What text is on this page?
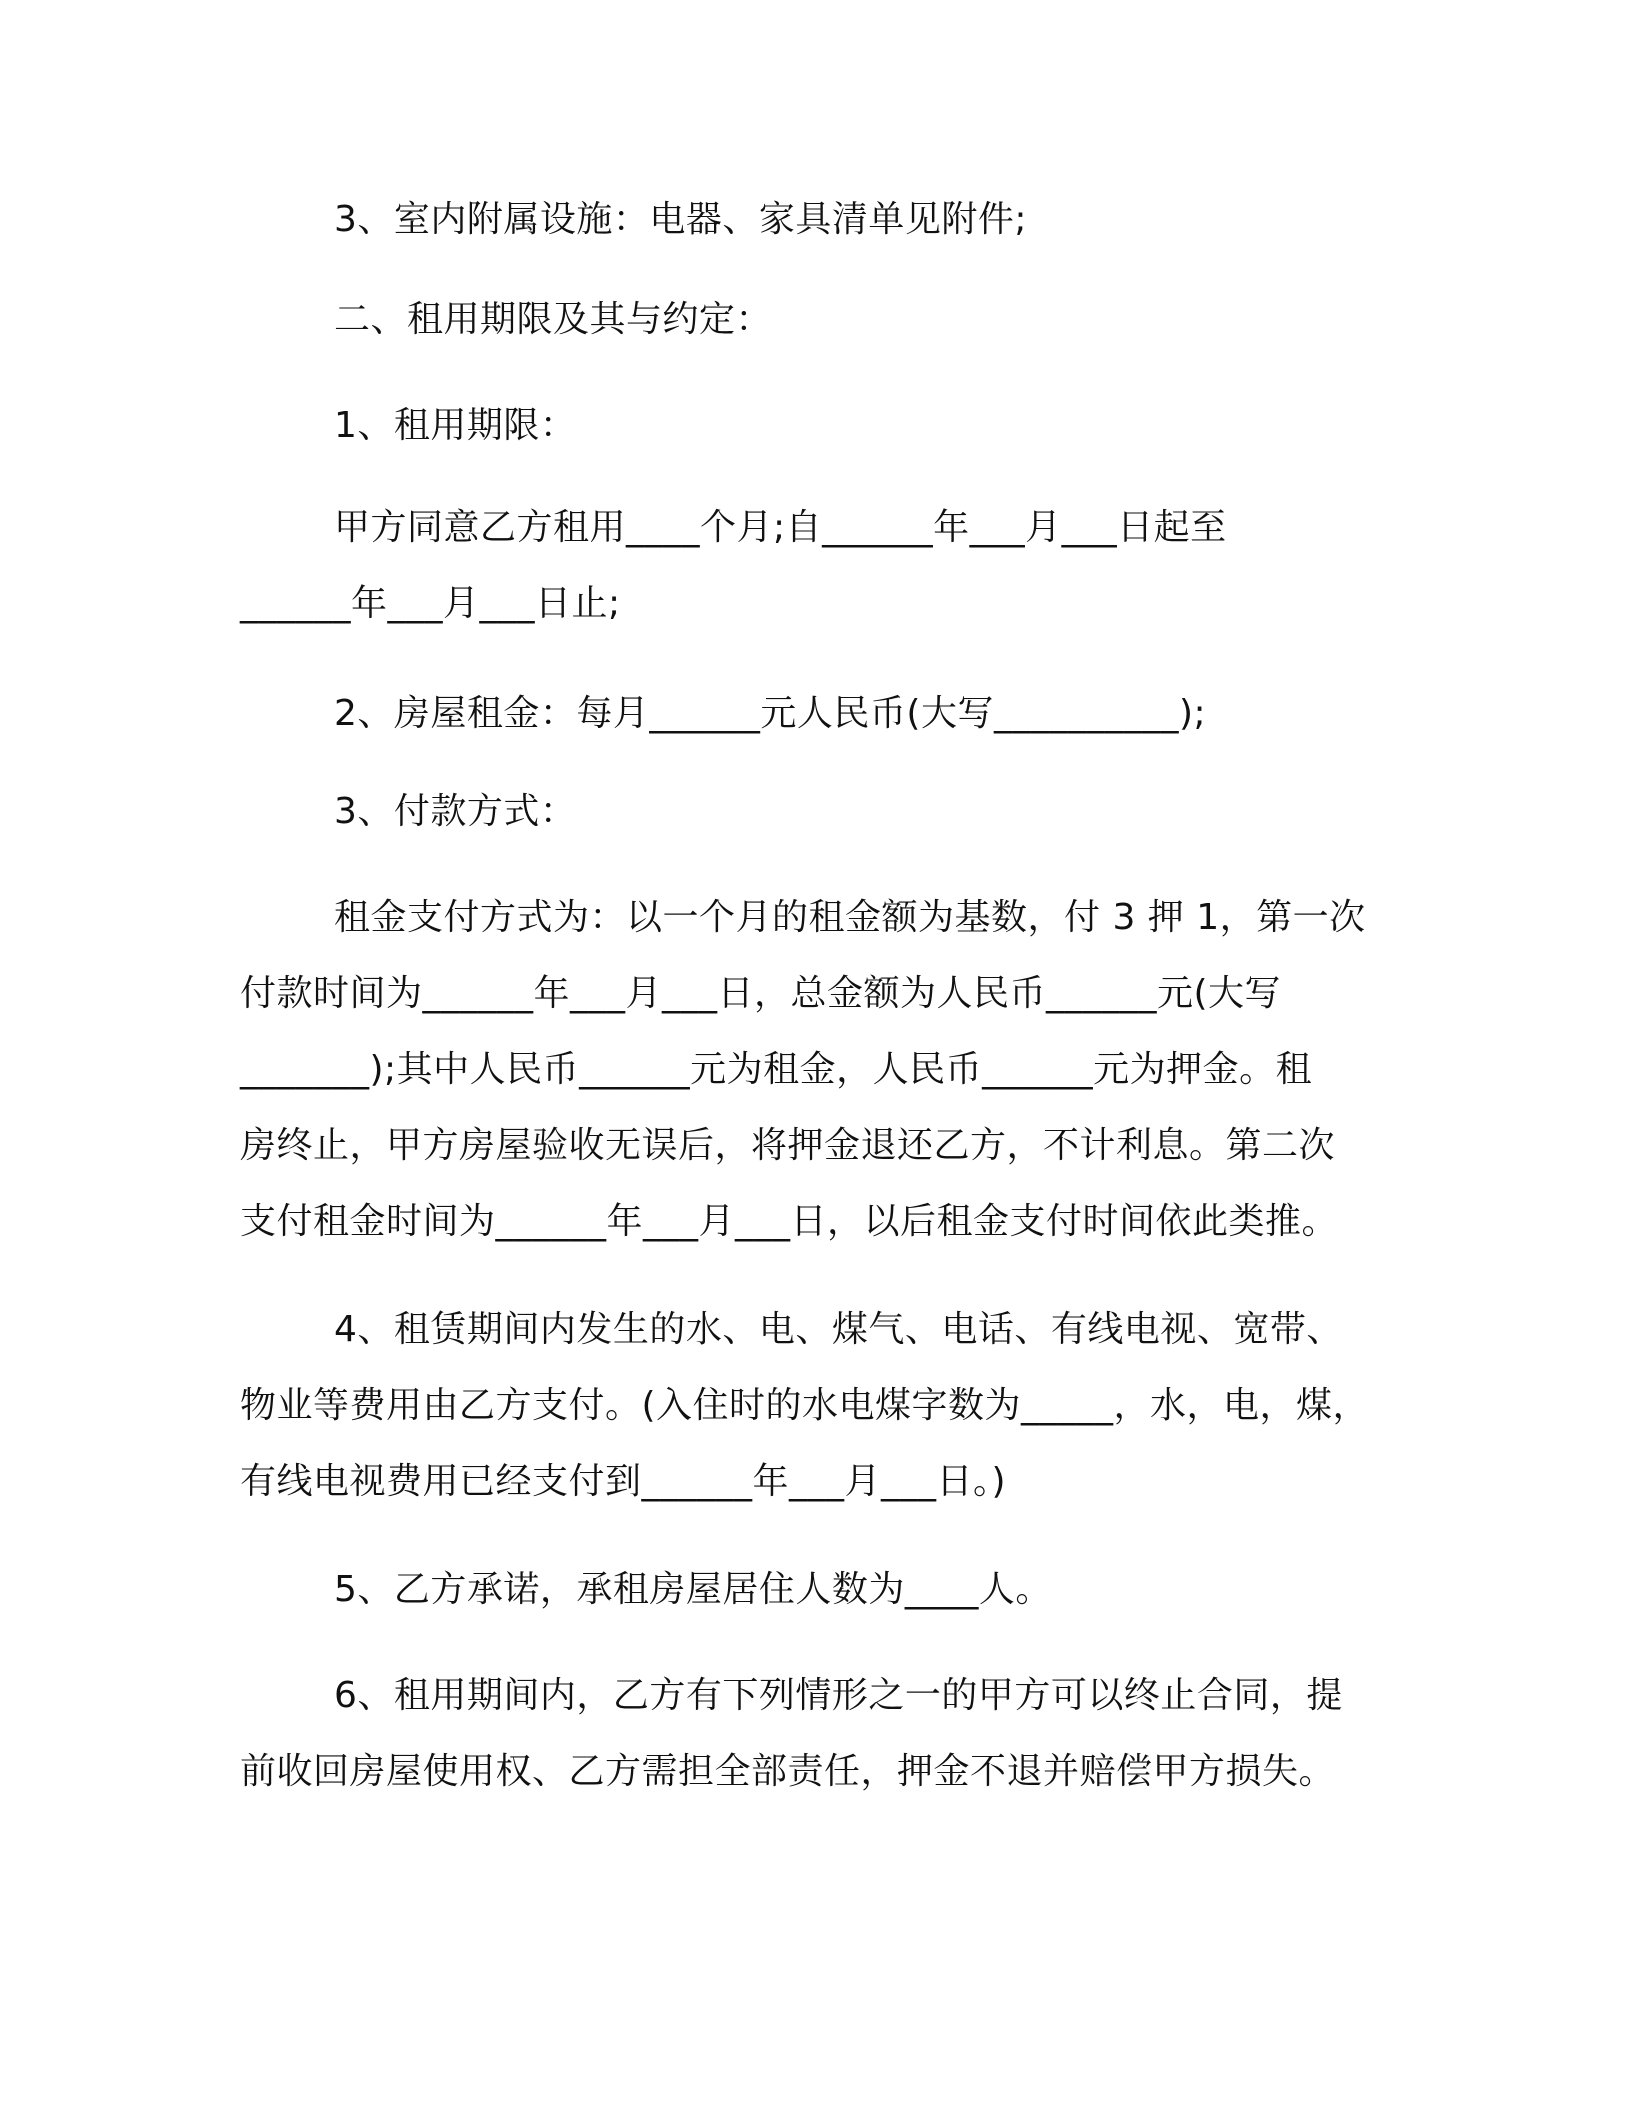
3、室内附属设施：电器、家具清单见附件;
二、租用期限及其与约定：
1、租用期限：
甲方同意乙方租用____个月;自______年___月___日起至
______年___月___日止;
2、房屋租金：每月______元人民币(大写__________);
3、付款方式：
租金支付方式为：以一个月的租金额为基数，付 3 押 1，第一次
付款时间为______年___月___日，总金额为人民币______元(大写
_______);其中人民币______元为租金，人民币______元为押金。租
房终止，甲方房屋验收无误后，将押金退还乙方，不计利息。第二次
支付租金时间为______年___月___日，以后租金支付时间依此类推。
4、租赁期间内发生的水、电、煤气、电话、有线电视、宽带、
物业等费用由乙方支付。(入住时的水电煤字数为_____，水，电，煤，
有线电视费用已经支付到______年___月___日。)
5、乙方承诺，承租房屋居住人数为____人。
6、租用期间内，乙方有下列情形之一的甲方可以终止合同，提
前收回房屋使用权、乙方需担全部责任，押金不退并赔偿甲方损失。
